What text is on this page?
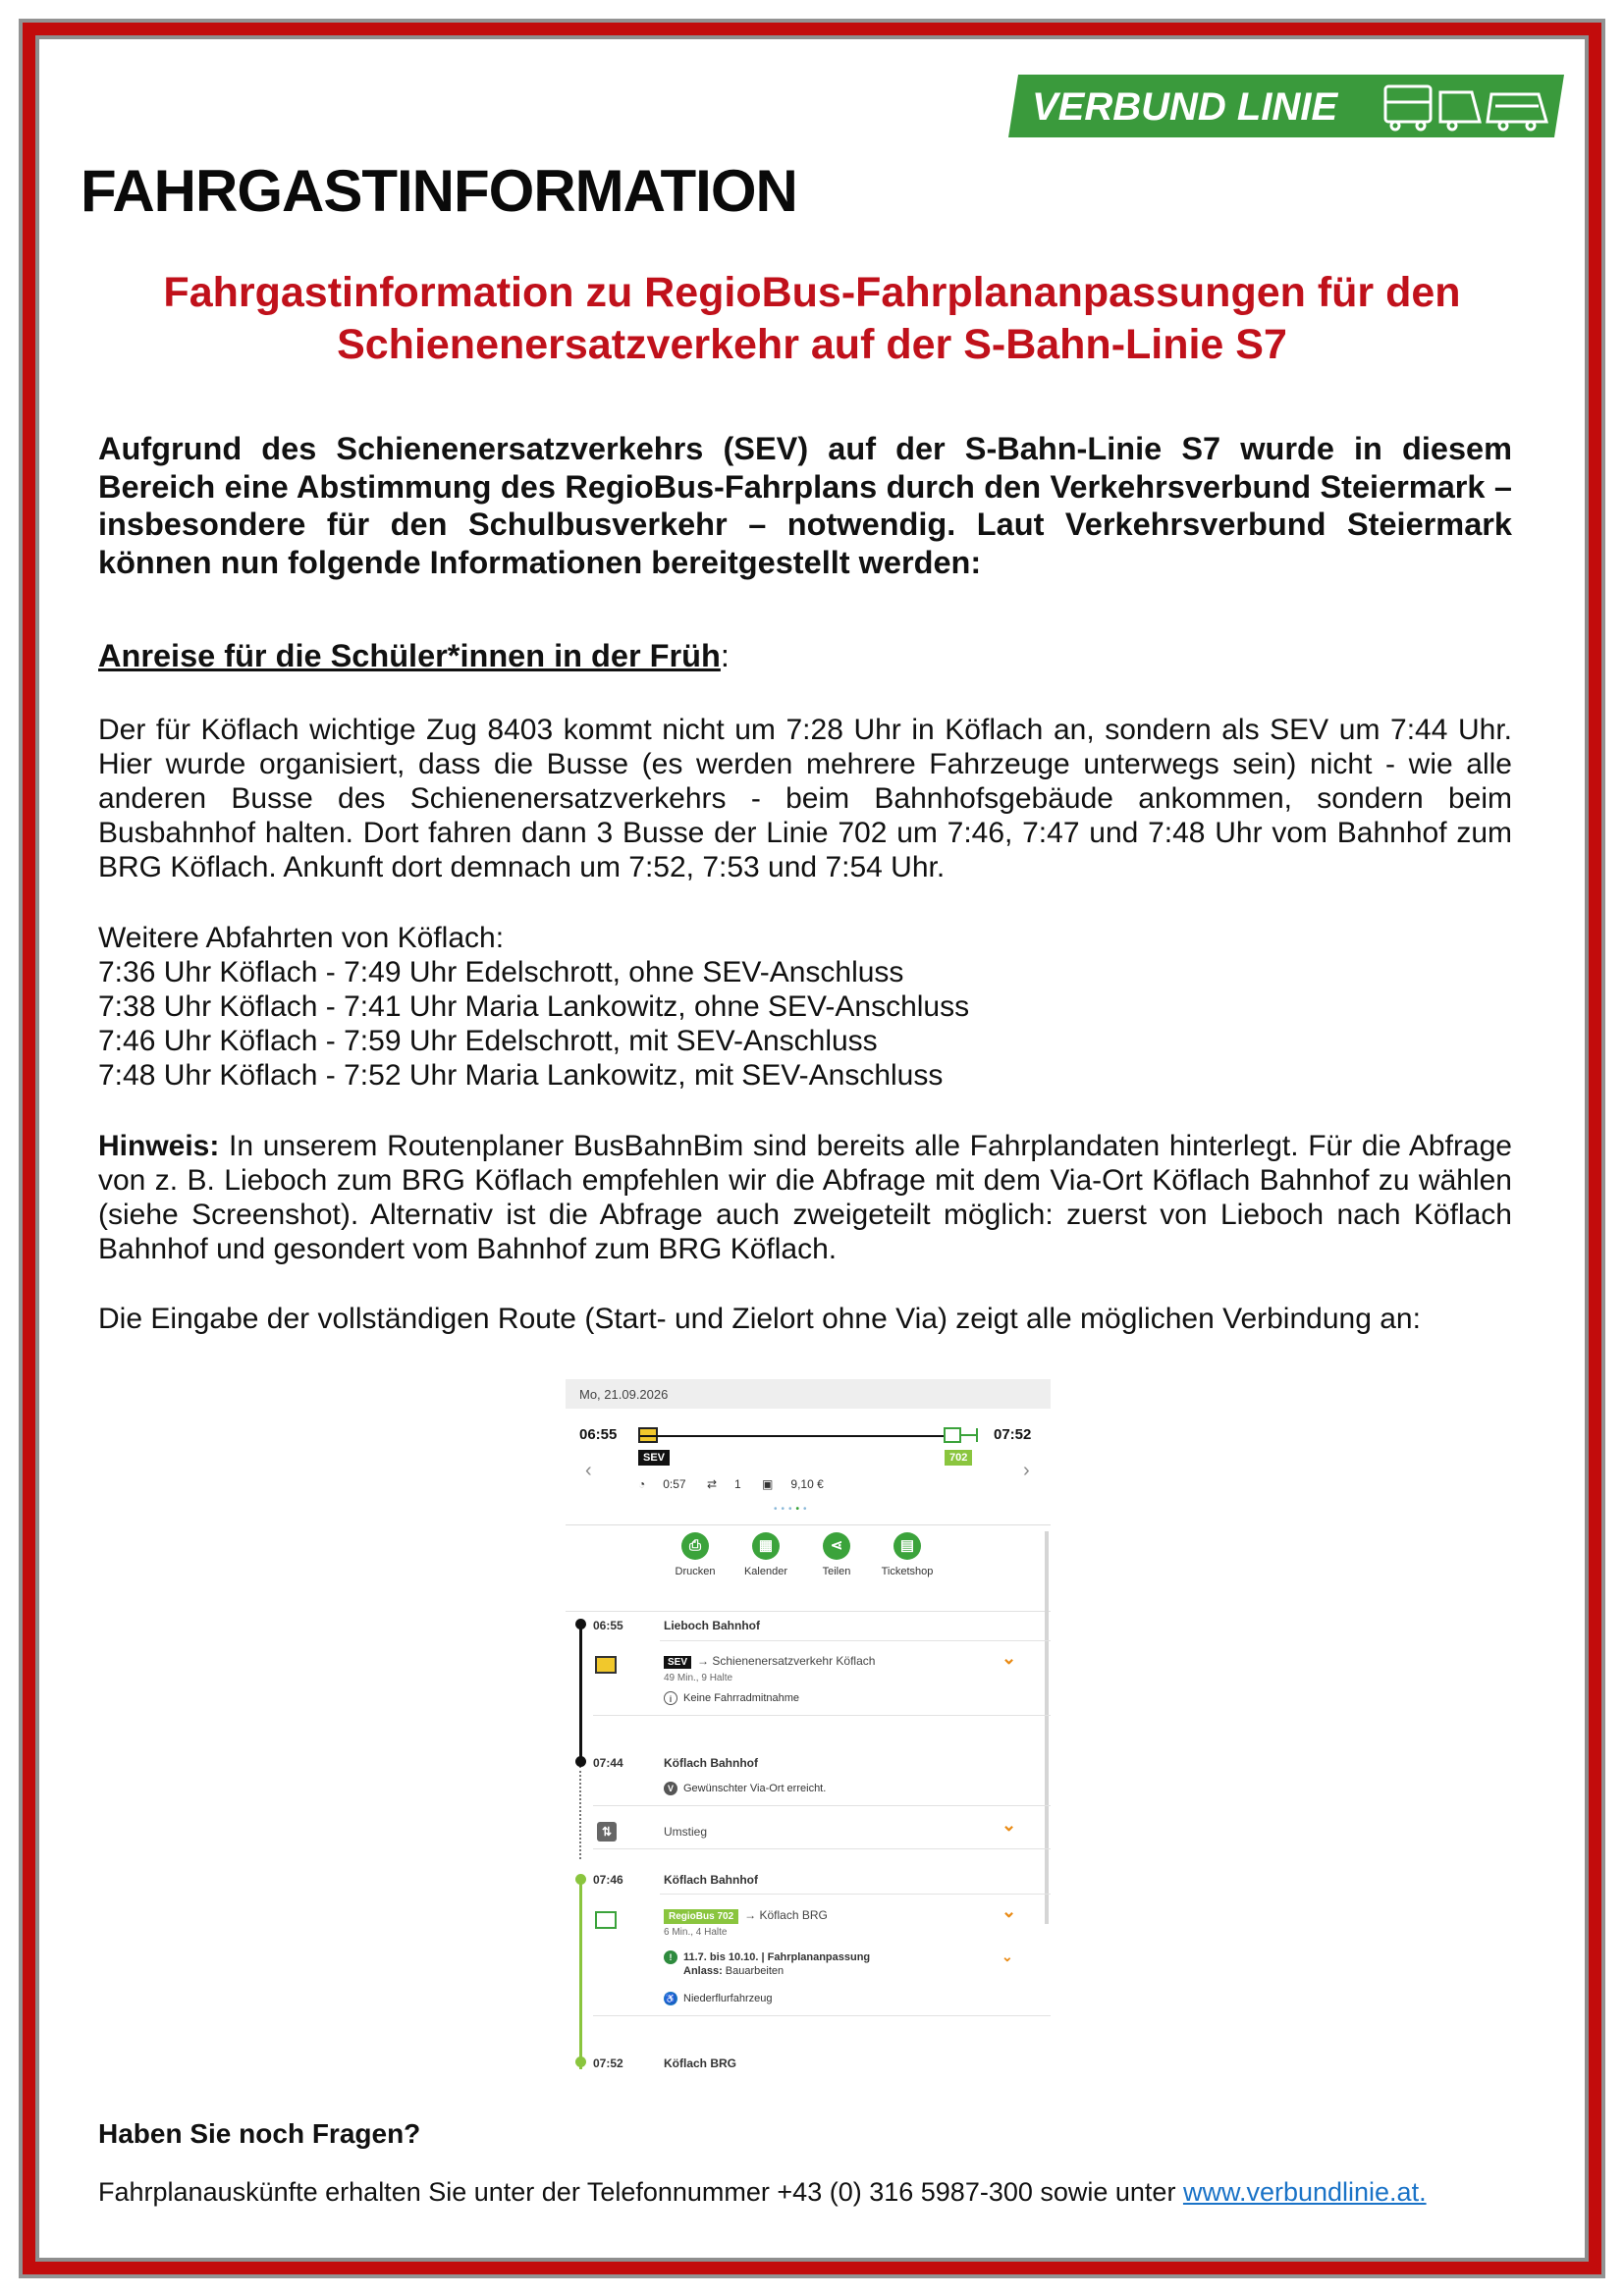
VERBUND LINIE
FAHRGASTINFORMATION
Fahrgastinformation zu RegioBus-Fahrplananpassungen für den Schienenersatzverkehr auf der S-Bahn-Linie S7
Aufgrund des Schienenersatzverkehrs (SEV) auf der S-Bahn-Linie S7 wurde in diesem Bereich eine Abstimmung des RegioBus-Fahrplans durch den Verkehrsverbund Steiermark – insbesondere für den Schulbusverkehr – notwendig. Laut Verkehrsverbund Steiermark können nun folgende Informationen bereitgestellt werden:
Anreise für die Schüler*innen in der Früh:
Der für Köflach wichtige Zug 8403 kommt nicht um 7:28 Uhr in Köflach an, sondern als SEV um 7:44 Uhr. Hier wurde organisiert, dass die Busse (es werden mehrere Fahrzeuge unterwegs sein) nicht - wie alle anderen Busse des Schienenersatzverkehrs - beim Bahnhofsgebäude ankommen, sondern beim Busbahnhof halten. Dort fahren dann 3 Busse der Linie 702 um 7:46, 7:47 und 7:48 Uhr vom Bahnhof zum BRG Köflach. Ankunft dort demnach um 7:52, 7:53 und 7:54 Uhr.
Weitere Abfahrten von Köflach:
7:36 Uhr Köflach - 7:49 Uhr Edelschrott, ohne SEV-Anschluss
7:38 Uhr Köflach - 7:41 Uhr Maria Lankowitz, ohne SEV-Anschluss
7:46 Uhr Köflach - 7:59 Uhr Edelschrott, mit SEV-Anschluss
7:48 Uhr Köflach - 7:52 Uhr Maria Lankowitz, mit SEV-Anschluss
Hinweis: In unserem Routenplaner BusBahnBim sind bereits alle Fahrplandaten hinterlegt. Für die Abfrage von z. B. Lieboch zum BRG Köflach empfehlen wir die Abfrage mit dem Via-Ort Köflach Bahnhof zu wählen (siehe Screenshot). Alternativ ist die Abfrage auch zweigeteilt möglich: zuerst von Lieboch nach Köflach Bahnhof und gesondert vom Bahnhof zum BRG Köflach.
Die Eingabe der vollständigen Route (Start- und Zielort ohne Via) zeigt alle möglichen Verbindung an:
Mo, 21.09.2026
06:55	07:52
SEV	702
‹	›
◔ 0:57 ⇄ 1 ▣ 9,10 €
•••••
⎙
Drucken
▦
Kalender
⋖
Teilen
▤
Ticketshop
06:55	Lieboch Bahnhof
SEV → Schienenersatzverkehr Köflach
49 Min., 9 Halte
⌄
i Keine Fahrradmitnahme
07:44	Köflach Bahnhof
V Gewünschter Via-Ort erreicht.
⇅	Umstieg	⌄
07:46	Köflach Bahnhof
RegioBus 702 → Köflach BRG
6 Min., 4 Halte
⌄
! 11.7. bis 10.10. | Fahrplananpassung
Anlass: Bauarbeiten
⌄
♿ Niederflurfahrzeug
07:52	Köflach BRG
Haben Sie noch Fragen?
Fahrplanauskünfte erhalten Sie unter der Telefonnummer +43 (0) 316 5987-300 sowie unter www.verbundlinie.at.
